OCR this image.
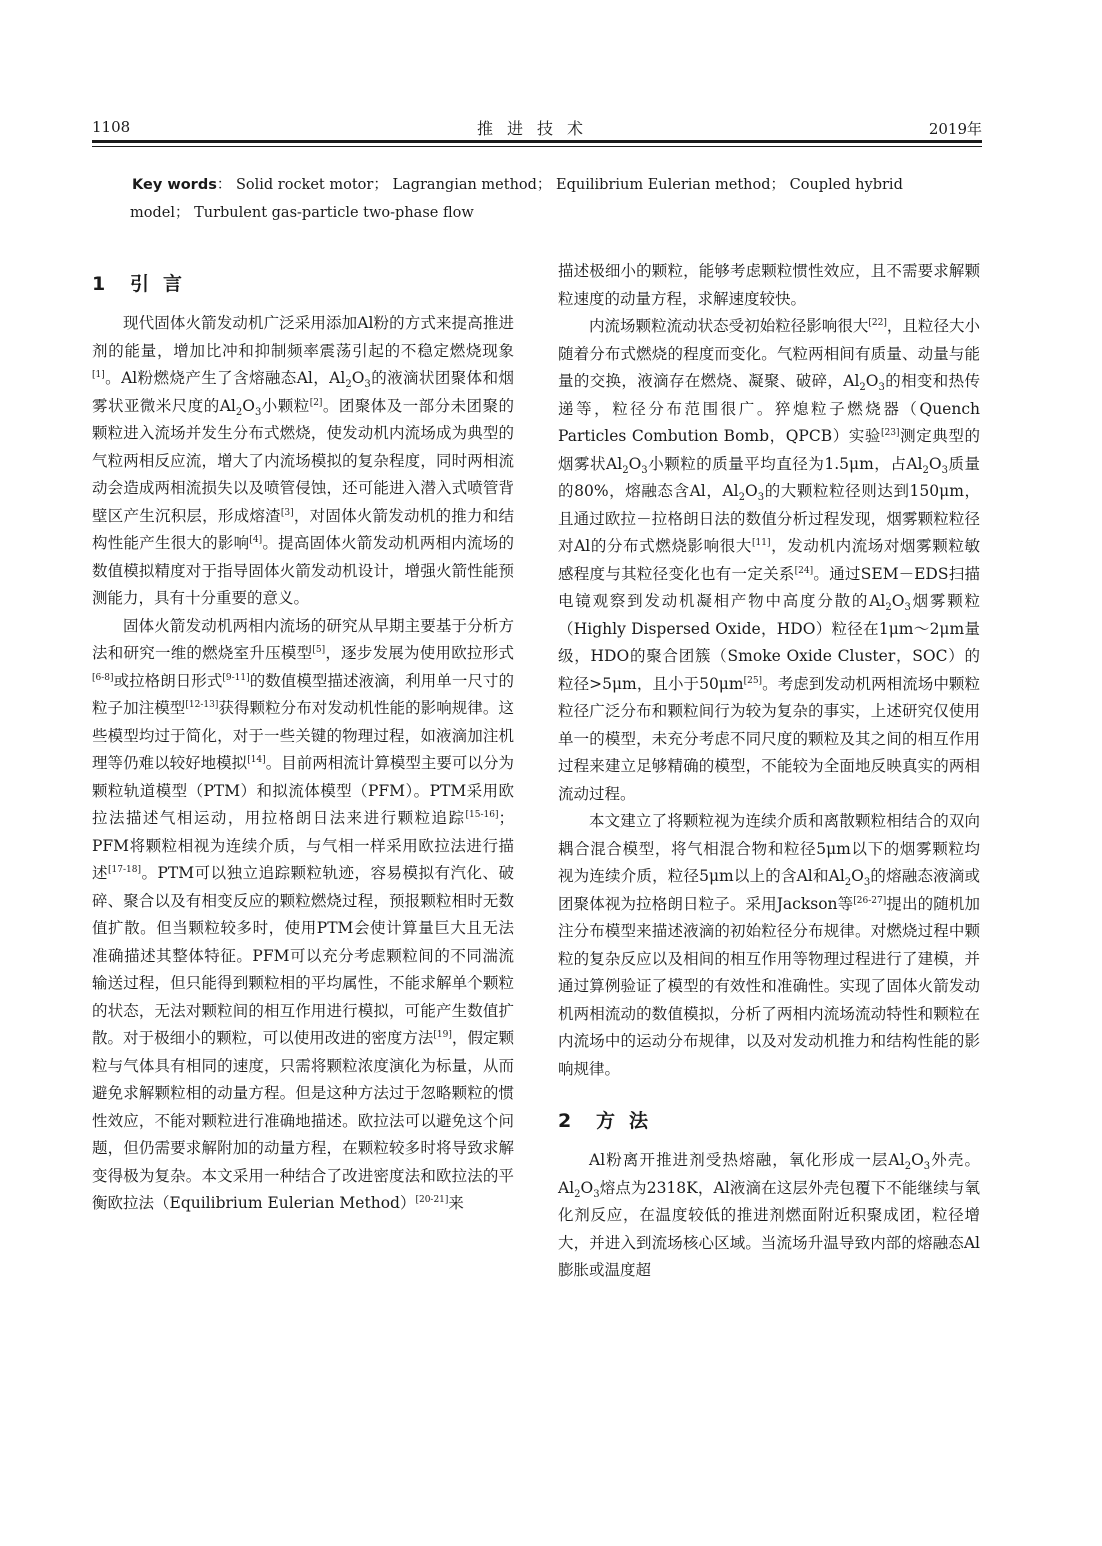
1108	推进技术	2019年
Key words： Solid rocket motor； Lagrangian method； Equilibrium Eulerian method； Coupled hybrid
model； Turbulent gas-particle two-phase flow
1 引言

现代固体火箭发动机广泛采用添加Al粉的方式来提高推进剂的能量，增加比冲和抑制频率震荡引起的不稳定燃烧现象[1]。Al粉燃烧产生了含熔融态Al，$Al_2O_3$的液滴状团聚体和烟雾状亚微米尺度的$Al_2O_3$小颗粒[2]。团聚体及一部分未团聚的颗粒进入流场并发生分布式燃烧，使发动机内流场成为典型的气粒两相反应流，增大了内流场模拟的复杂程度，同时两相流动会造成两相流损失以及喷管侵蚀，还可能进入潜入式喷管背壁区产生沉积层，形成熔渣[3]，对固体火箭发动机的推力和结构性能产生很大的影响[4]。提高固体火箭发动机两相内流场的数值模拟精度对于指导固体火箭发动机设计，增强火箭性能预测能力，具有十分重要的意义。

固体火箭发动机两相内流场的研究从早期主要基于分析方法和研究一维的燃烧室升压模型[5]，逐步发展为使用欧拉形式[6-8]或拉格朗日形式[9-11]的数值模型描述液滴，利用单一尺寸的粒子加注模型[12-13]获得颗粒分布对发动机性能的影响规律。这些模型均过于简化，对于一些关键的物理过程，如液滴加注机理等仍难以较好地模拟[14]。目前两相流计算模型主要可以分为颗粒轨道模型（PTM）和拟流体模型（PFM）。PTM采用欧拉法描述气相运动，用拉格朗日法来进行颗粒追踪[15-16]；PFM将颗粒相视为连续介质，与气相一样采用欧拉法进行描述[17-18]。PTM可以独立追踪颗粒轨迹，容易模拟有汽化、破碎、聚合以及有相变反应的颗粒燃烧过程，预报颗粒相时无数值扩散。但当颗粒较多时，使用PTM会使计算量巨大且无法准确描述其整体特征。PFM可以充分考虑颗粒间的不同湍流输送过程，但只能得到颗粒相的平均属性，不能求解单个颗粒的状态，无法对颗粒间的相互作用进行模拟，可能产生数值扩散。对于极细小的颗粒，可以使用改进的密度方法[19]，假定颗粒与气体具有相同的速度，只需将颗粒浓度演化为标量，从而避免求解颗粒相的动量方程。但是这种方法过于忽略颗粒的惯性效应，不能对颗粒进行准确地描述。欧拉法可以避免这个问题，但仍需要求解附加的动量方程，在颗粒较多时将导致求解变得极为复杂。本文采用一种结合了改进密度法和欧拉法的平衡欧拉法（Equilibrium Eulerian Method）[20-21]来

描述极细小的颗粒，能够考虑颗粒惯性效应，且不需要求解颗粒速度的动量方程，求解速度较快。

内流场颗粒流动状态受初始粒径影响很大[22]，且粒径大小随着分布式燃烧的程度而变化。气粒两相间有质量、动量与能量的交换，液滴存在燃烧、凝聚、破碎，$Al_2O_3$的相变和热传递等，粒径分布范围很广。猝熄粒子燃烧器（Quench Particles Combution Bomb，QPCB）实验[23]测定典型的烟雾状$Al_2O_3$小颗粒的质量平均直径为1.5μm，占$Al_2O_3$质量的80%，熔融态含Al，$Al_2O_3$的大颗粒粒径则达到150μm，且通过欧拉－拉格朗日法的数值分析过程发现，烟雾颗粒粒径对Al的分布式燃烧影响很大[11]，发动机内流场对烟雾颗粒敏感程度与其粒径变化也有一定关系[24]。通过SEM－EDS扫描电镜观察到发动机凝相产物中高度分散的$Al_2O_3$烟雾颗粒（Highly Dispersed Oxide，HDO）粒径在1μm～2μm量级，HDO的聚合团簇（Smoke Oxide Cluster，SOC）的粒径>5μm，且小于50μm[25]。考虑到发动机两相流场中颗粒粒径广泛分布和颗粒间行为较为复杂的事实，上述研究仅使用单一的模型，未充分考虑不同尺度的颗粒及其之间的相互作用过程来建立足够精确的模型，不能较为全面地反映真实的两相流动过程。

本文建立了将颗粒视为连续介质和离散颗粒相结合的双向耦合混合模型，将气相混合物和粒径5μm以下的烟雾颗粒均视为连续介质，粒径5μm以上的含Al和$Al_2O_3$的熔融态液滴或团聚体视为拉格朗日粒子。采用Jackson等[26-27]提出的随机加注分布模型来描述液滴的初始粒径分布规律。对燃烧过程中颗粒的复杂反应以及相间的相互作用等物理过程进行了建模，并通过算例验证了模型的有效性和准确性。实现了固体火箭发动机两相流动的数值模拟，分析了两相内流场流动特性和颗粒在内流场中的运动分布规律，以及对发动机推力和结构性能的影响规律。

2 方法

Al粉离开推进剂受热熔融，氧化形成一层$Al_2O_3$外壳。$Al_2O_3$熔点为2318K，Al液滴在这层外壳包覆下不能继续与氧化剂反应，在温度较低的推进剂燃面附近积聚成团，粒径增大，并进入到流场核心区域。当流场升温导致内部的熔融态Al膨胀或温度超
